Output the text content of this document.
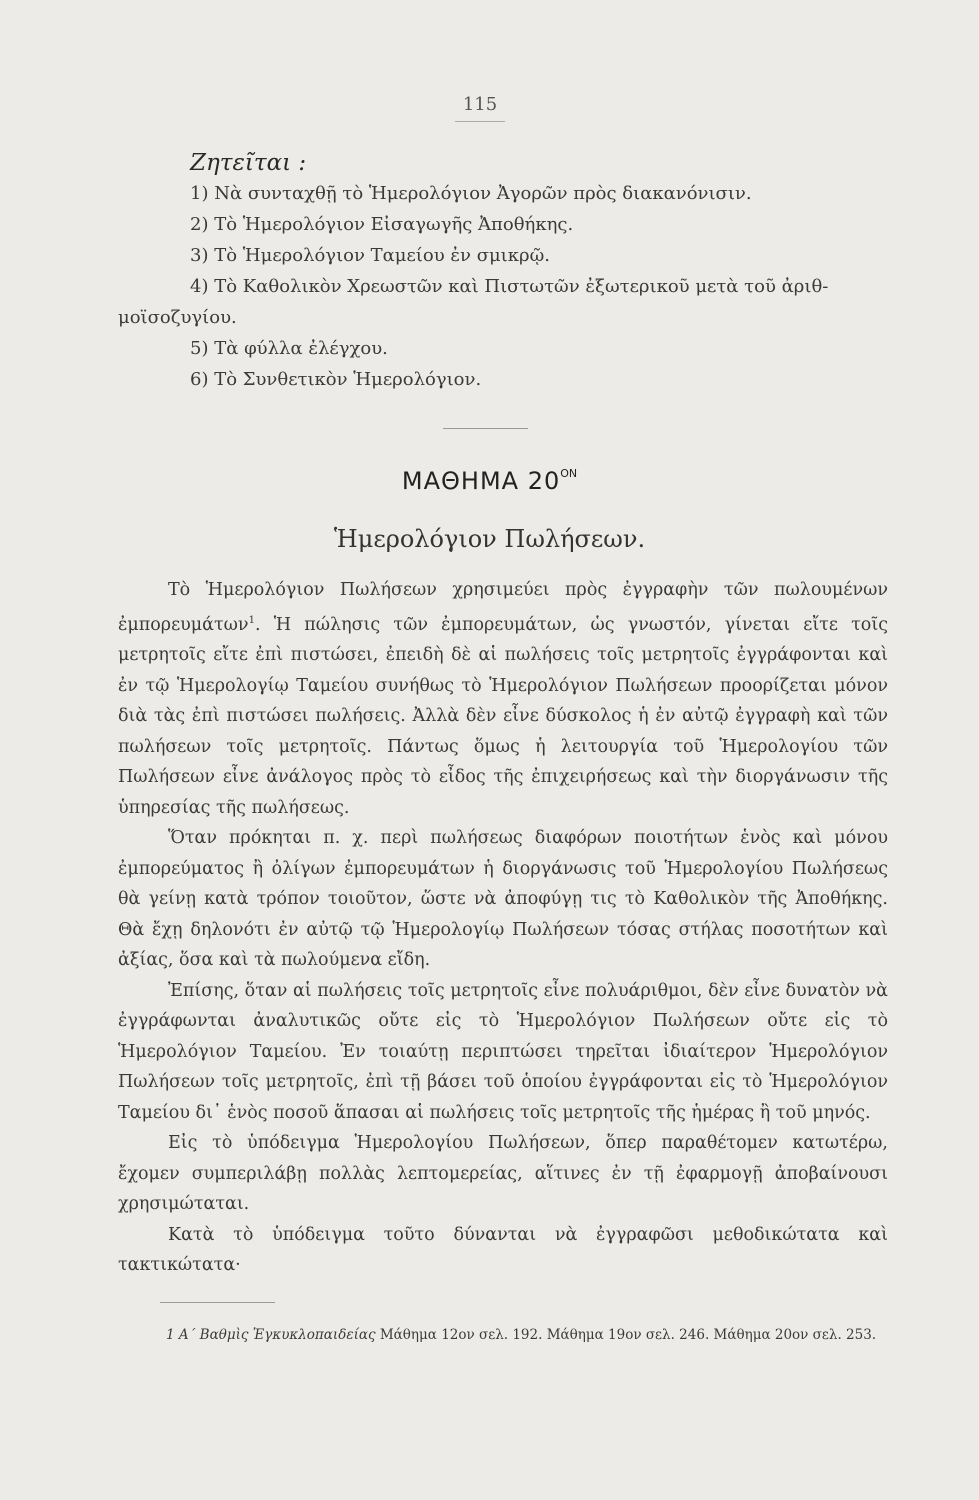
115
Ζητεῖται :
1) Νὰ συνταχθῇ τὸ Ἡμερολόγιον Ἀγορῶν πρὸς διακανόνισιν.
2) Τὸ Ἡμερολόγιον Εἰσαγωγῆς Ἀποθήκης.
3) Τὸ Ἡμερολόγιον Ταμείου ἐν σμικρῷ.
4) Τὸ Καθολικὸν Χρεωστῶν καὶ Πιστωτῶν ἐξωτερικοῦ μετὰ τοῦ ἀριθ-
μοϊσοζυγίου.
5) Τὰ φύλλα ἐλέγχου.
6) Τὸ Συνθετικὸν Ἡμερολόγιον.
ΜΑΘΗΜΑ $20^{ON}$
Ἡμερολόγιον Πωλήσεων.

Τὸ Ἡμερολόγιον Πωλήσεων χρησιμεύει πρὸς ἐγγραφὴν τῶν πωλουμένων ἐμπορευμάτων$^1$. Ἡ πώλησις τῶν ἐμπορευμάτων, ὡς γνωστόν, γίνεται εἴτε τοῖς μετρητοῖς εἴτε ἐπὶ πιστώσει, ἐπειδὴ δὲ αἱ πωλήσεις τοῖς μετρητοῖς ἐγγράφονται καὶ ἐν τῷ Ἡμερολογίῳ Ταμείου συνήθως τὸ Ἡμερολόγιον Πωλήσεων προορίζεται μόνον διὰ τὰς ἐπὶ πιστώσει πωλήσεις. Ἀλλὰ δὲν εἶνε δύσκολος ἡ ἐν αὐτῷ ἐγγραφὴ καὶ τῶν πωλήσεων τοῖς μετρητοῖς. Πάντως ὅμως ἡ λειτουργία τοῦ Ἡμερολογίου τῶν Πωλήσεων εἶνε ἀνάλογος πρὸς τὸ εἶδος τῆς ἐπιχειρήσεως καὶ τὴν διοργάνωσιν τῆς ὑπηρεσίας τῆς πωλήσεως.

Ὅταν πρόκηται π. χ. περὶ πωλήσεως διαφόρων ποιοτήτων ἑνὸς καὶ μόνου ἐμπορεύματος ἢ ὀλίγων ἐμπορευμάτων ἡ διοργάνωσις τοῦ Ἡμερολογίου Πωλήσεως θὰ γείνῃ κατὰ τρόπον τοιοῦτον, ὥστε νὰ ἀποφύγῃ τις τὸ Καθολικὸν τῆς Ἀποθήκης. Θὰ ἔχῃ δηλονότι ἐν αὐτῷ τῷ Ἡμερολογίῳ Πωλήσεων τόσας στήλας ποσοτήτων καὶ ἀξίας, ὅσα καὶ τὰ πωλούμενα εἴδη.

Ἐπίσης, ὅταν αἱ πωλήσεις τοῖς μετρητοῖς εἶνε πολυάριθμοι, δὲν εἶνε δυνατὸν νὰ ἐγγράφωνται ἀναλυτικῶς οὔτε εἰς τὸ Ἡμερολόγιον Πωλήσεων οὔτε εἰς τὸ Ἡμερολόγιον Ταμείου. Ἐν τοιαύτῃ περιπτώσει τηρεῖται ἰδιαίτερον Ἡμερολόγιον Πωλήσεων τοῖς μετρητοῖς, ἐπὶ τῇ βάσει τοῦ ὁποίου ἐγγράφονται εἰς τὸ Ἡμερολόγιον Ταμείου δι᾽ ἑνὸς ποσοῦ ἅπασαι αἱ πωλήσεις τοῖς μετρητοῖς τῆς ἡμέρας ἢ τοῦ μηνός.

Εἰς τὸ ὑπόδειγμα Ἡμερολογίου Πωλήσεων, ὅπερ παραθέτομεν κατωτέρω, ἔχομεν συμπεριλάβῃ πολλὰς λεπτομερείας, αἵτινες ἐν τῇ ἐφαρμογῇ ἀποβαίνουσι χρησιμώταται.

Κατὰ τὸ ὑπόδειγμα τοῦτο δύνανται νὰ ἐγγραφῶσι μεθοδικώτατα καὶ τακτικώτατα·

1 Α΄ Βαθμὶς Ἐγκυκλοπαιδείας Μάθημα 12ον σελ. 192. Μάθημα 19ον σελ. 246. Μάθημα 20ον σελ. 253.
